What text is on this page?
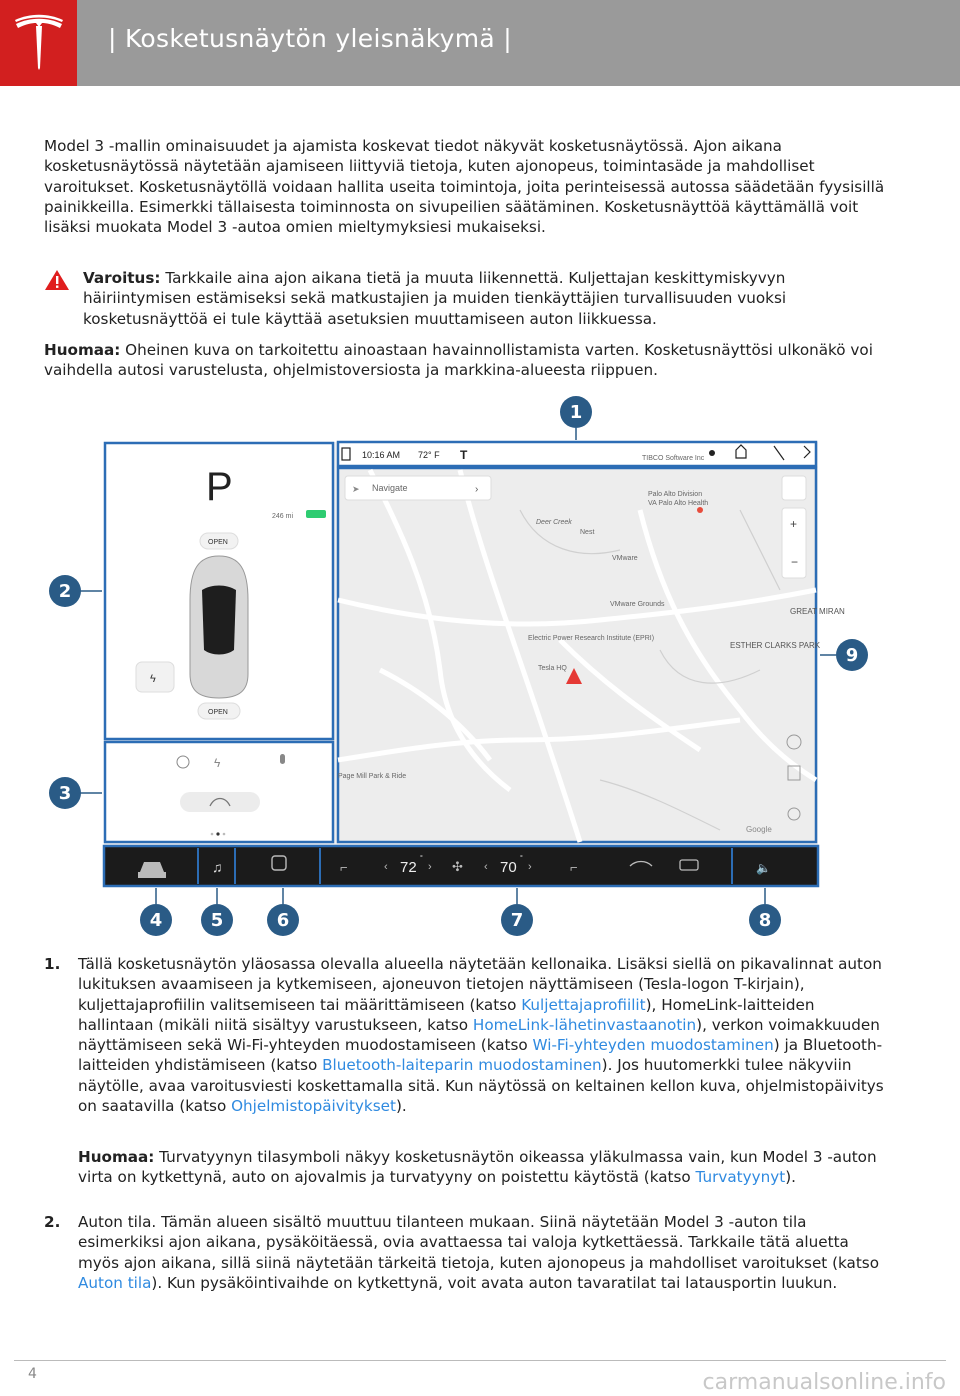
| Kosketusnäytön yleisnäkymä |
Model 3 -mallin ominaisuudet ja ajamista koskevat tiedot näkyvät kosketusnäytössä. Ajon aikana kosketusnäytössä näytetään ajamiseen liittyviä tietoja, kuten ajonopeus, toimintasäde ja mahdolliset varoitukset. Kosketusnäytöllä voidaan hallita useita toimintoja, joita perinteisessä autossa säädetään fyysisillä painikkeilla. Esimerkki tällaisesta toiminnosta on sivupeilien säätäminen. Kosketusnäyttöä käyttämällä voit lisäksi muokata Model 3 -autoa omien mieltymyksiesi mukaiseksi.
Varoitus: Tarkkaile aina ajon aikana tietä ja muuta liikennettä. Kuljettajan keskittymiskyvyn häiriintymisen estämiseksi sekä matkustajien ja muiden tienkäyttäjien turvallisuuden vuoksi kosketusnäyttöä ei tule käyttää asetuksien muuttamiseen auton liikkuessa.
Huomaa: Oheinen kuva on tarkoitettu ainoastaan havainnollistamista varten. Kosketusnäyttösi ulkonäkö voi vaihdella autosi varustelusta, ohjelmistoversiosta ja markkina-alueesta riippuen.
10:16 AM 72° F T	TIBCO Software Inc
➤ Navigate	›
+
−
Palo Alto Division
VA Palo Alto Health
Deer Creek
Nest
VMware
VMware Grounds
Electric Power Research Institute (EPRI)
Tesla HQ
ESTHER CLARKS PARK
GREAT MIRAN
Page Mill Park & Ride
Google
P
246 mi
OPEN
OPEN
ϟ
ϟ
♫	⌐	‹ 72
°
› ✣ ‹ 70
°
›	⌐	🔈
1
2
3
4	5	6	7	8
9
1. Tällä kosketusnäytön yläosassa olevalla alueella näytetään kellonaika. Lisäksi siellä on pikavalinnat auton lukituksen avaamiseen ja kytkemiseen, ajoneuvon tietojen näyttämiseen (Tesla-logon T-kirjain), kuljettajaprofiilin valitsemiseen tai määrittämiseen (katso Kuljettajaprofiilit), HomeLink-laitteiden hallintaan (mikäli niitä sisältyy varustukseen, katso HomeLink-lähetinvastaanotin), verkon voimakkuuden näyttämiseen sekä Wi-Fi-yhteyden muodostamiseen (katso Wi-Fi-yhteyden muodostaminen) ja Bluetooth-laitteiden yhdistämiseen (katso Bluetooth-laiteparin muodostaminen). Jos huutomerkki tulee näkyviin näytölle, avaa varoitusviesti koskettamalla sitä. Kun näytössä on keltainen kellon kuva, ohjelmistopäivitys on saatavilla (katso Ohjelmistopäivitykset).
Huomaa: Turvatyynyn tilasymboli näkyy kosketusnäytön oikeassa yläkulmassa vain, kun Model 3 -auton virta on kytkettynä, auto on ajovalmis ja turvatyyny on poistettu käytöstä (katso Turvatyynyt).
2. Auton tila. Tämän alueen sisältö muuttuu tilanteen mukaan. Siinä näytetään Model 3 -auton tila esimerkiksi ajon aikana, pysäköitäessä, ovia avattaessa tai valoja kytkettäessä. Tarkkaile tätä aluetta myös ajon aikana, sillä siinä näytetään tärkeitä tietoja, kuten ajonopeus ja mahdolliset varoitukset (katso Auton tila). Kun pysäköintivaihde on kytkettynä, voit avata auton tavaratilat tai latausportin luukun.
4	carmanualsonline.info
